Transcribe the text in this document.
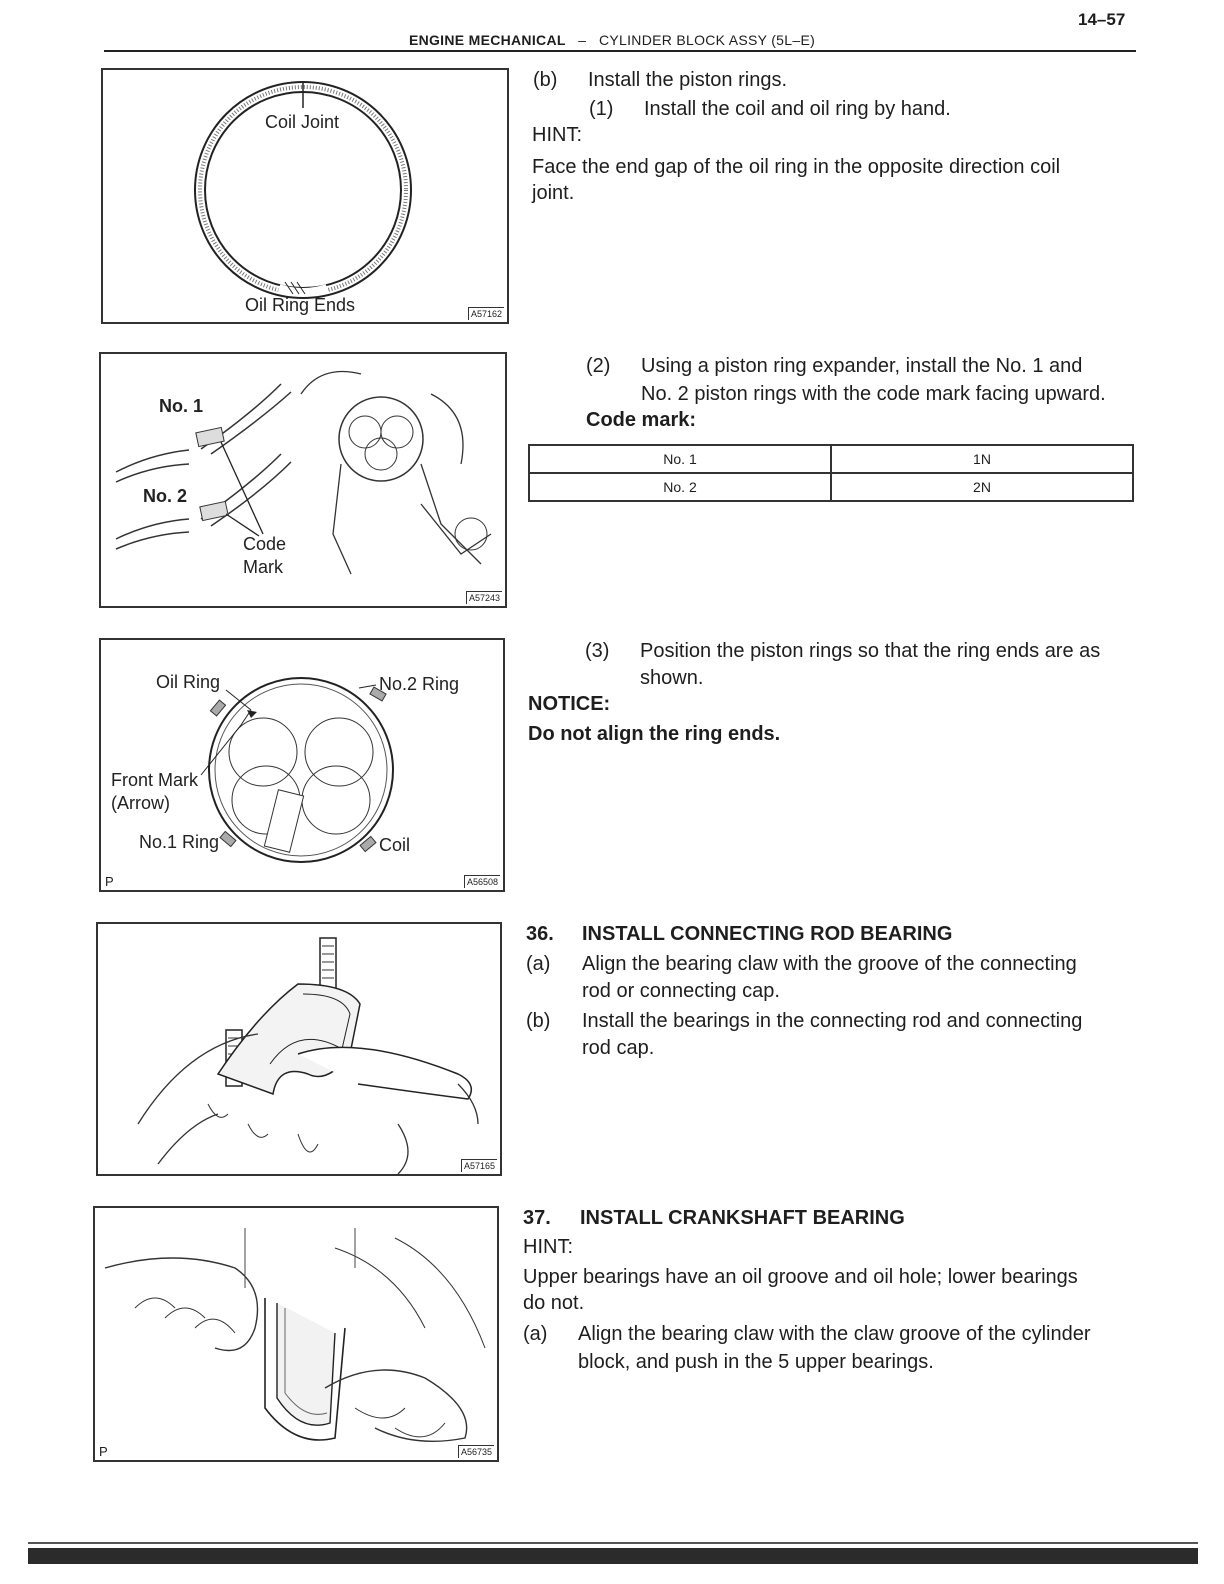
14–57
ENGINE MECHANICAL – CYLINDER BLOCK ASSY (5L–E)
Coil Joint
Oil Ring Ends	A57162
No. 1
No. 2
Code
Mark
A57243
Oil Ring	No.2 Ring
Front Mark
(Arrow)
No.1 Ring	Coil
P	A56508
A57165
P	A56735
(b) Install the piston rings.
(1) Install the coil and oil ring by hand.
HINT:
Face the end gap of the oil ring in the opposite direction coil
joint.
(2) Using a piston ring expander, install the No. 1 and
No. 2 piston rings with the code mark facing upward.
Code mark:
No. 1	1N
No. 2	2N
(3) Position the piston rings so that the ring ends are as
shown.
NOTICE:
Do not align the ring ends.
36. INSTALL CONNECTING ROD BEARING
(a) Align the bearing claw with the groove of the connecting
rod or connecting cap.
(b) Install the bearings in the connecting rod and connecting
rod cap.
37. INSTALL CRANKSHAFT BEARING
HINT:
Upper bearings have an oil groove and oil hole; lower bearings
do not.
(a) Align the bearing claw with the claw groove of the cylinder
block, and push in the 5 upper bearings.
